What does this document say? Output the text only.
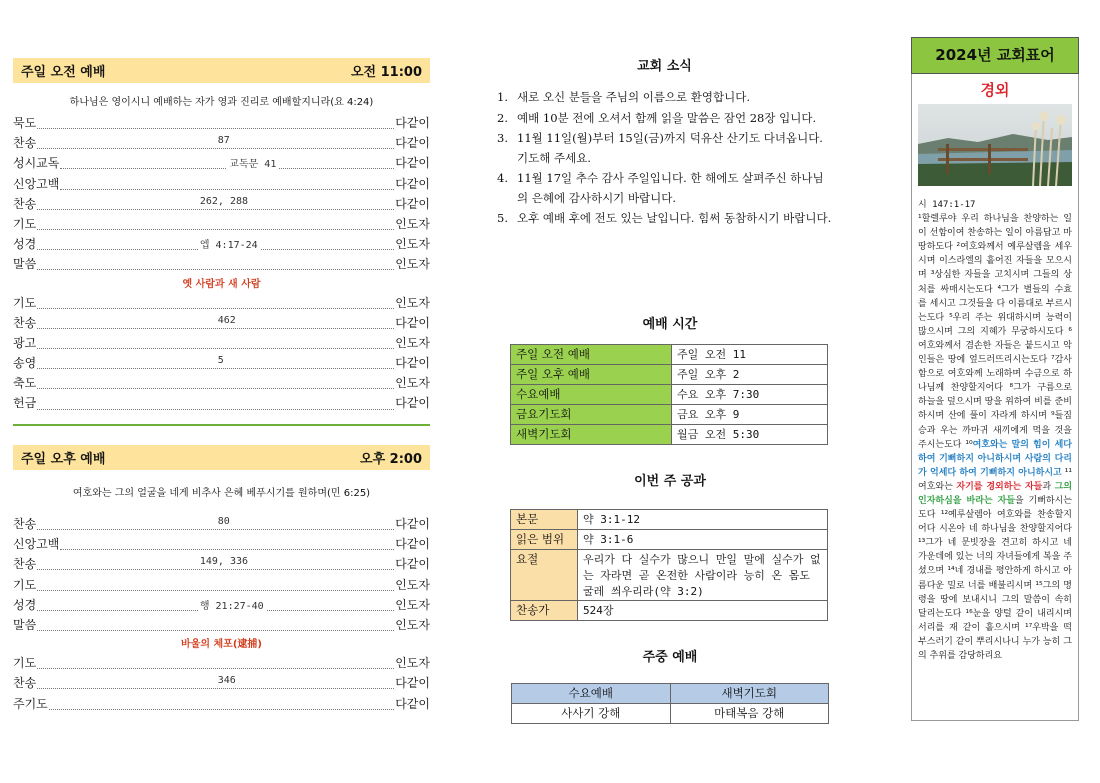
주일 오전 예배	오전 11:00
하나님은 영이시니 예배하는 자가 영과 진리로 예배할지니라(요 4:24)
묵도	다같이
찬송	87	다같이
성시교독	교독문 41	다같이
신앙고백	다같이
찬송	262, 288	다같이
기도	인도자
성경	엡 4:17-24	인도자
말씀	인도자
옛 사람과 새 사람
기도	인도자
찬송	462	다같이
광고	인도자
송영	5	다같이
축도	인도자
헌금	다같이
주일 오후 예배	오후 2:00
여호와는 그의 얼굴을 네게 비추사 은혜 베푸시기를 원하며(민 6:25)
찬송	80	다같이
신앙고백	다같이
찬송	149, 336	다같이
기도	인도자
성경	행 21:27-40	인도자
말씀	인도자
바울의 체포(逮捕)
기도	인도자
찬송	346	다같이
주기도	다같이
교회 소식
1. 새로 오신 분들을 주님의 이름으로 환영합니다.
2. 예배 10분 전에 오셔서 함께 읽을 말씀은 잠언 28장 입니다.
3. 11월 11일(월)부터 15일(금)까지 덕유산 산기도 다녀옵니다. 기도해 주세요.
4. 11월 17일 추수 감사 주일입니다. 한 해에도 살펴주신 하나님의 은혜에 감사하시기 바랍니다.
5. 오후 예배 후에 전도 있는 날입니다. 힘써 동참하시기 바랍니다.
예배 시간
주일 오전 예배	주일 오전 11
주일 오후 예배	주일 오후 2
수요예배	수요 오후 7:30
금요기도회	금요 오후 9
새벽기도회	월금 오전 5:30
이번 주 공과
본문	약 3:1-12
읽은 범위	약 3:1-6
요절	우리가 다 실수가 많으니 만일 말에 실수가 없는 자라면 곧 온전한 사람이라 능히 온 몸도 굴레 씌우리라(약 3:2)
찬송가	524장
주중 예배
수요예배	새벽기도회
사사기 강해	마태복음 강해
2024년 교회표어
경외
시 147:1-17
¹할렐루야 우리 하나님을 찬양하는 일이 선함이여 찬송하는 일이 아름답고 마땅하도다 ²여호와께서 예루살렘을 세우시며 이스라엘의 흩어진 자들을 모으시며 ³상심한 자들을 고치시며 그들의 상처를 싸매시는도다 ⁴그가 별들의 수효를 세시고 그것들을 다 이름대로 부르시는도다 ⁵우리 주는 위대하시며 능력이 많으시며 그의 지혜가 무궁하시도다 ⁶여호와께서 겸손한 자들은 붙드시고 악인들은 땅에 엎드러뜨리시는도다 ⁷감사함으로 여호와께 노래하며 수금으로 하나님께 찬양할지어다 ⁸그가 구름으로 하늘을 덮으시며 땅을 위하여 비를 준비하시며 산에 풀이 자라게 하시며 ⁹들짐승과 우는 까마귀 새끼에게 먹을 것을 주시는도다 ¹⁰여호와는 말의 힘이 세다 하여 기뻐하지 아니하시며 사람의 다리가 억세다 하여 기뻐하지 아니하시고 ¹¹여호와는 자기를 경외하는 자들과 그의 인자하심을 바라는 자들을 기뻐하시는도다 ¹²예루살렘아 여호와를 찬송할지어다 시온아 네 하나님을 찬양할지어다 ¹³그가 네 문빗장을 견고히 하시고 네 가운데에 있는 너의 자녀들에게 복을 주셨으며 ¹⁴네 경내를 평안하게 하시고 아름다운 밀로 너를 배불리시며 ¹⁵그의 명령을 땅에 보내시니 그의 말씀이 속히 달리는도다 ¹⁶눈을 양털 같이 내리시며 서리를 재 같이 흩으시며 ¹⁷우박을 떡 부스러기 같이 뿌리시나니 누가 능히 그의 추위를 감당하리요
